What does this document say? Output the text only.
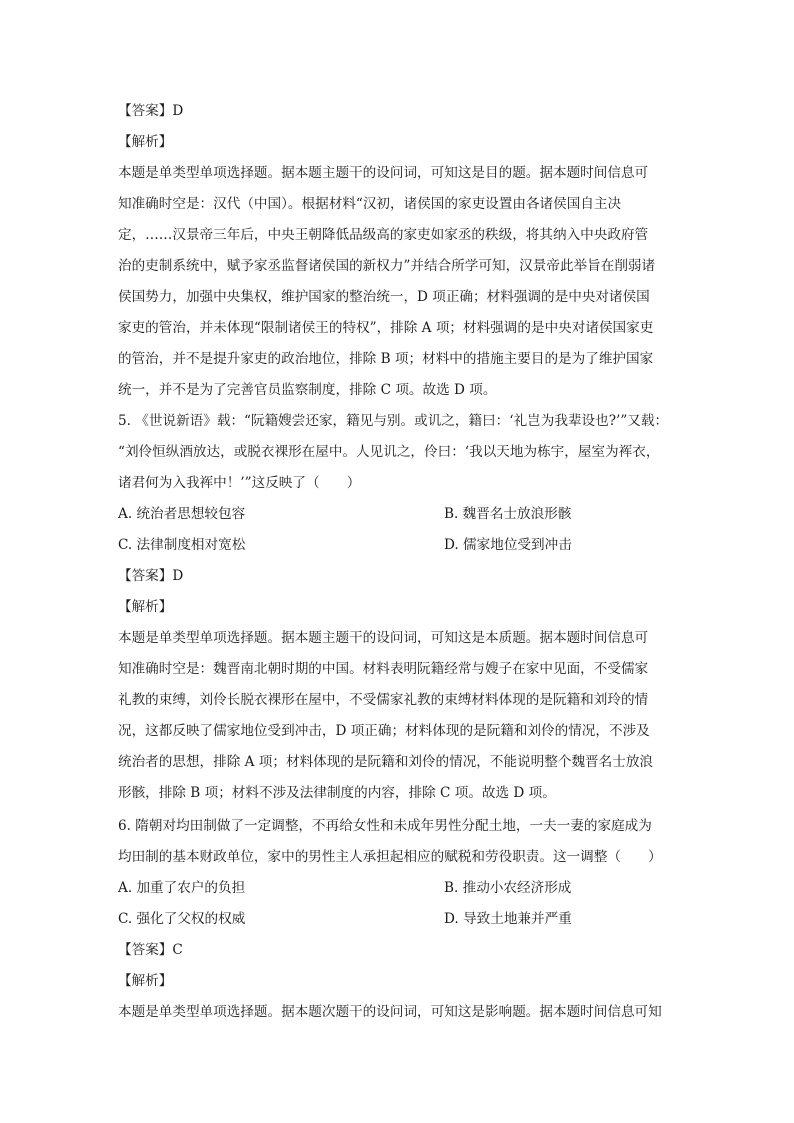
【答案】D
【解析】
本题是单类型单项选择题。据本题主题干的设问词，可知这是目的题。据本题时间信息可
知准确时空是：汉代（中国）。根据材料“汉初，诸侯国的家吏设置由各诸侯国自主决
定，……汉景帝三年后，中央王朝降低品级高的家吏如家丞的秩级，将其纳入中央政府管
治的吏制系统中，赋予家丞监督诸侯国的新权力”并结合所学可知，汉景帝此举旨在削弱诸
侯国势力，加强中央集权，维护国家的整治统一，D 项正确；材料强调的是中央对诸侯国
家吏的管治，并未体现“限制诸侯王的特权”，排除 A 项；材料强调的是中央对诸侯国家吏
的管治，并不是提升家吏的政治地位，排除 B 项；材料中的措施主要目的是为了维护国家
统一，并不是为了完善官员监察制度，排除 C 项。故选 D 项。
5. 《世说新语》载：“阮籍嫂尝还家，籍见与别。或讥之，籍曰：‘礼岂为我辈设也?’”又载：
“刘伶恒纵酒放达，或脱衣裸形在屋中。人见讥之，伶曰：‘我以天地为栋宇，屋室为裈衣，
诸君何为入我裈中！’”这反映了（　　）
A. 统治者思想较包容	B. 魏晋名士放浪形骸
C. 法律制度相对宽松	D. 儒家地位受到冲击
【答案】D
【解析】
本题是单类型单项选择题。据本题主题干的设问词，可知这是本质题。据本题时间信息可
知准确时空是：魏晋南北朝时期的中国。材料表明阮籍经常与嫂子在家中见面，不受儒家
礼教的束缚，刘伶长脱衣裸形在屋中，不受儒家礼教的束缚材料体现的是阮籍和刘玲的情
况，这都反映了儒家地位受到冲击，D 项正确；材料体现的是阮籍和刘伶的情况，不涉及
统治者的思想，排除 A 项；材料体现的是阮籍和刘伶的情况，不能说明整个魏晋名士放浪
形骸，排除 B 项；材料不涉及法律制度的内容，排除 C 项。故选 D 项。
6. 隋朝对均田制做了一定调整，不再给女性和未成年男性分配土地，一夫一妻的家庭成为
均田制的基本财政单位，家中的男性主人承担起相应的赋税和劳役职责。这一调整（　　）
A. 加重了农户的负担	B. 推动小农经济形成
C. 强化了父权的权威	D. 导致土地兼并严重
【答案】C
【解析】
本题是单类型单项选择题。据本题次题干的设问词，可知这是影响题。据本题时间信息可知
